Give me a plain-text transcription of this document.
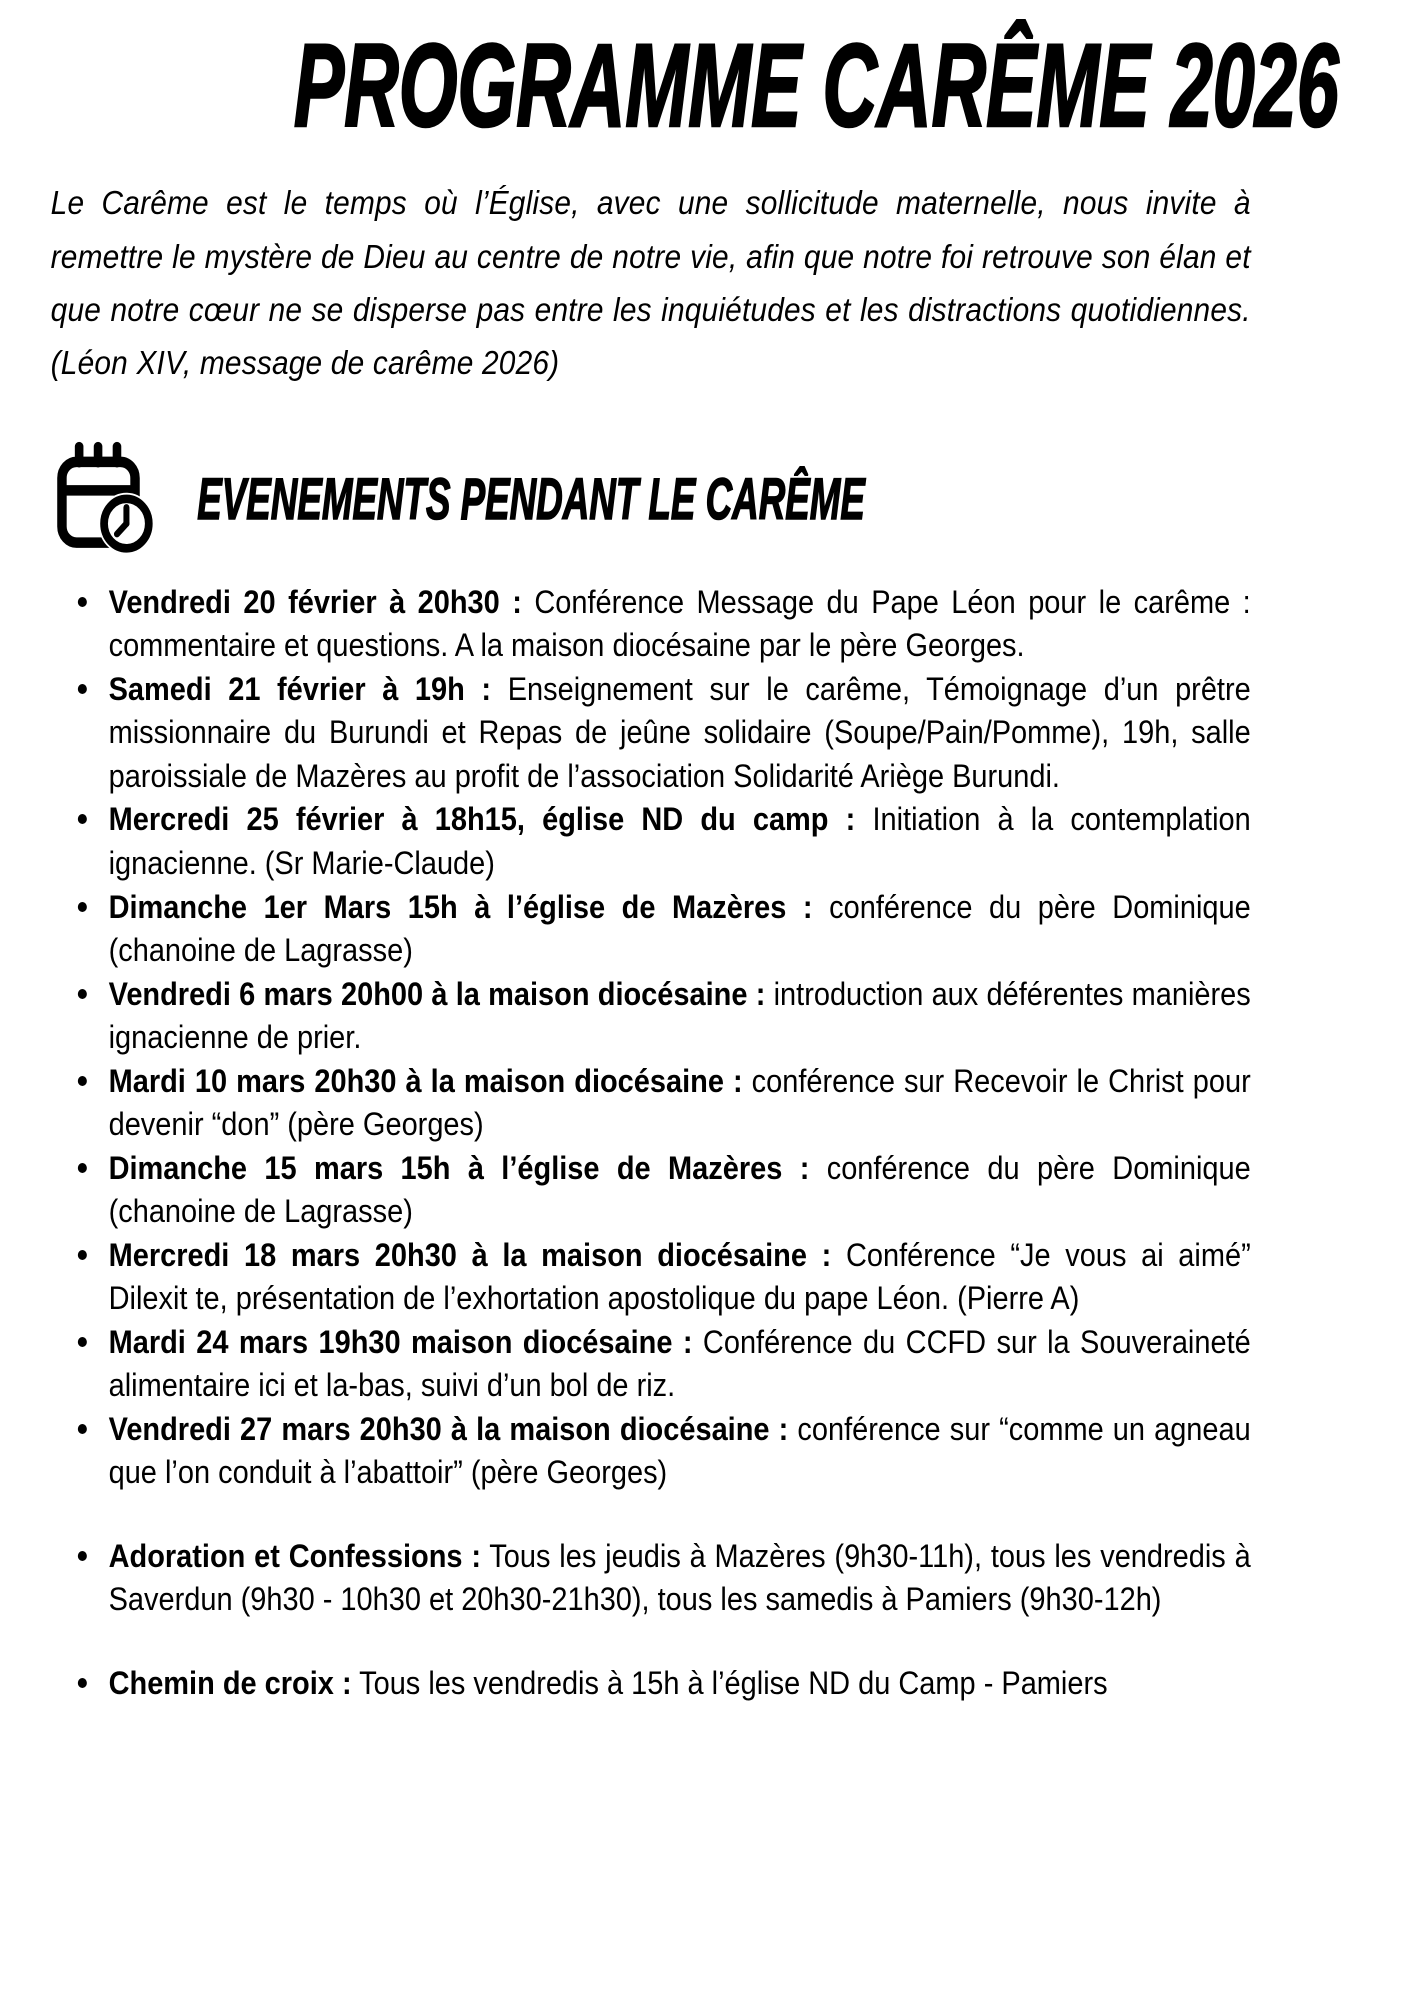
PROGRAMME CARÊME 2026

Le Carême est le temps où l’Église, avec une sollicitude maternelle, nous invite à remettre le mystère de Dieu au centre de notre vie, afin que notre foi retrouve son élan et que notre cœur ne se disperse pas entre les inquiétudes et les distractions quotidiennes. (Léon XIV, message de carême 2026)

EVENEMENTS PENDANT LE CARÊME
Vendredi 20 février à 20h30 : Conférence Message du Pape Léon pour le carême : commentaire et questions. A la maison diocésaine par le père Georges.
Samedi 21 février à 19h : Enseignement sur le carême, Témoignage d’un prêtre missionnaire du Burundi et Repas de jeûne solidaire (Soupe/Pain/Pomme), 19h, salle paroissiale de Mazères au profit de l’association Solidarité Ariège Burundi.
Mercredi 25 février à 18h15, église ND du camp : Initiation à la contemplation ignacienne. (Sr Marie-Claude)
Dimanche 1er Mars 15h à l’église de Mazères : conférence du père Dominique (chanoine de Lagrasse)
Vendredi 6 mars 20h00 à la maison diocésaine : introduction aux déférentes manières ignacienne de prier.
Mardi 10 mars 20h30 à la maison diocésaine : conférence sur Recevoir le Christ pour devenir “don” (père Georges)
Dimanche 15 mars 15h à l’église de Mazères : conférence du père Dominique (chanoine de Lagrasse)
Mercredi 18 mars 20h30 à la maison diocésaine : Conférence “Je vous ai aimé” Dilexit te, présentation de l’exhortation apostolique du pape Léon. (Pierre A)
Mardi 24 mars 19h30 maison diocésaine : Conférence du CCFD sur la Souveraineté alimentaire ici et la-bas, suivi d’un bol de riz.
Vendredi 27 mars 20h30 à la maison diocésaine : conférence sur “comme un agneau que l’on conduit à l’abattoir” (père Georges)
Adoration et Confessions : Tous les jeudis à Mazères (9h30-11h), tous les vendredis à Saverdun (9h30 - 10h30 et 20h30-21h30), tous les samedis à Pamiers (9h30-12h)
Chemin de croix : Tous les vendredis à 15h à l’église ND du Camp - Pamiers
